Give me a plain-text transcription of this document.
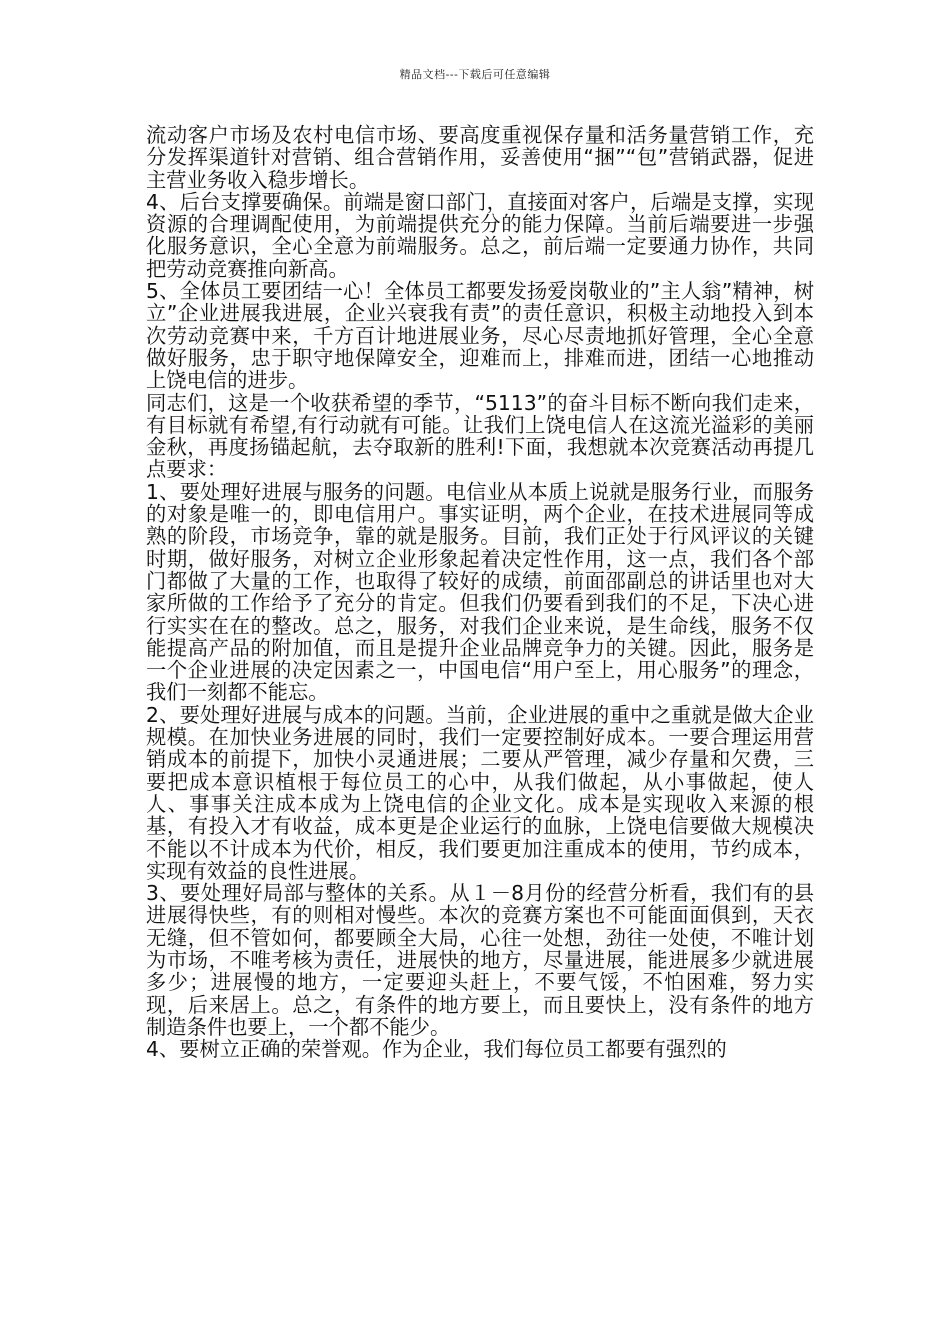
精品文档---下载后可任意编辑

流动客户市场及农村电信市场、要高度重视保存量和活务量营销工作，充分发挥渠道针对营销、组合营销作用，妥善使用“捆”“包”营销武器，促进主营业务收入稳步增长。

4、后台支撑要确保。前端是窗口部门，直接面对客户，后端是支撑，实现资源的合理调配使用，为前端提供充分的能力保障。当前后端要进一步强化服务意识，全心全意为前端服务。总之，前后端一定要通力协作，共同把劳动竞赛推向新高。

5、全体员工要团结一心！全体员工都要发扬爱岗敬业的”主人翁”精神，树立”企业进展我进展，企业兴衰我有责”的责任意识，积极主动地投入到本次劳动竞赛中来，千方百计地进展业务，尽心尽责地抓好管理，全心全意做好服务，忠于职守地保障安全，迎难而上，排难而进，团结一心地推动上饶电信的进步。

同志们，这是一个收获希望的季节，“5113”的奋斗目标不断向我们走来，有目标就有希望,有行动就有可能。让我们上饶电信人在这流光溢彩的美丽金秋，再度扬锚起航，去夺取新的胜利!下面，我想就本次竞赛活动再提几点要求：

1、要处理好进展与服务的问题。电信业从本质上说就是服务行业，而服务的对象是唯一的，即电信用户。事实证明，两个企业，在技术进展同等成熟的阶段，市场竞争，靠的就是服务。目前，我们正处于行风评议的关键时期，做好服务，对树立企业形象起着决定性作用，这一点，我们各个部门都做了大量的工作，也取得了较好的成绩，前面邵副总的讲话里也对大家所做的工作给予了充分的肯定。但我们仍要看到我们的不足，下决心进行实实在在的整改。总之，服务，对我们企业来说，是生命线，服务不仅能提高产品的附加值，而且是提升企业品牌竞争力的关键。因此，服务是一个企业进展的决定因素之一，中国电信“用户至上，用心服务”的理念，我们一刻都不能忘。

2、要处理好进展与成本的问题。当前，企业进展的重中之重就是做大企业规模。在加快业务进展的同时，我们一定要控制好成本。一要合理运用营销成本的前提下，加快小灵通进展；二要从严管理，减少存量和欠费，三要把成本意识植根于每位员工的心中，从我们做起，从小事做起，使人人、事事关注成本成为上饶电信的企业文化。成本是实现收入来源的根基，有投入才有收益，成本更是企业运行的血脉，上饶电信要做大规模决不能以不计成本为代价，相反，我们要更加注重成本的使用，节约成本，实现有效益的良性进展。

3、要处理好局部与整体的关系。从１－8月份的经营分析看，我们有的县进展得快些，有的则相对慢些。本次的竞赛方案也不可能面面俱到，天衣无缝，但不管如何，都要顾全大局，心往一处想，劲往一处使，不唯计划为市场，不唯考核为责任，进展快的地方，尽量进展，能进展多少就进展多少；进展慢的地方，一定要迎头赶上，不要气馁，不怕困难，努力实现，后来居上。总之，有条件的地方要上，而且要快上，没有条件的地方制造条件也要上，一个都不能少。

4、要树立正确的荣誉观。作为企业，我们每位员工都要有强烈的
